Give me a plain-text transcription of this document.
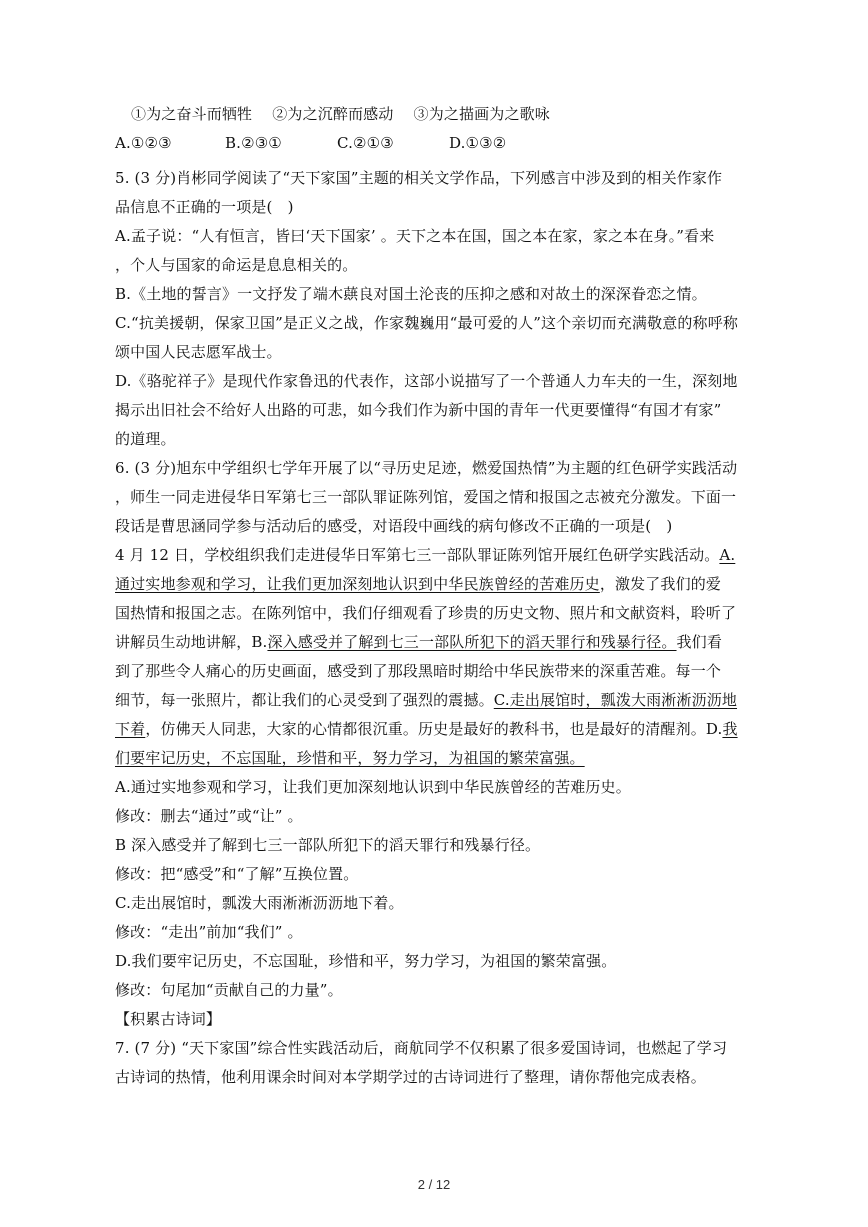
①为之奋斗而牺牲　 ②为之沉醉而感动　 ③为之描画为之歌咏
A.①②③	B.②③①	C.②①③	D.①③②
5. (3 分)肖彬同学阅读了“天下家国”主题的相关文学作品，下列感言中涉及到的相关作家作
品信息不正确的一项是(　)
A.孟子说：“人有恒言，皆曰‘天下国家’ 。天下之本在国，国之本在家，家之本在身。”看来
，个人与国家的命运是息息相关的。
B.《土地的誓言》一文抒发了端木蕻良对国土沦丧的压抑之感和对故土的深深眷恋之情。
C.“抗美援朝，保家卫国”是正义之战，作家魏巍用“最可爱的人”这个亲切而充满敬意的称呼称
颂中国人民志愿军战士。
D.《骆驼祥子》是现代作家鲁迅的代表作，这部小说描写了一个普通人力车夫的一生，深刻地
揭示出旧社会不给好人出路的可悲，如今我们作为新中国的青年一代更要懂得“有国才有家”
的道理。
6. (3 分)旭东中学组织七学年开展了以“寻历史足迹，燃爱国热情”为主题的红色研学实践活动
，师生一同走进侵华日军第七三一部队罪证陈列馆，爱国之情和报国之志被充分激发。下面一
段话是曹思涵同学参与活动后的感受，对语段中画线的病句修改不正确的一项是(　)
4 月 12 日，学校组织我们走进侵华日军第七三一部队罪证陈列馆开展红色研学实践活动。A.
通过实地参观和学习，让我们更加深刻地认识到中华民族曾经的苦难历史，激发了我们的爱
国热情和报国之志。在陈列馆中，我们仔细观看了珍贵的历史文物、照片和文献资料，聆听了
讲解员生动地讲解，B.深入感受并了解到七三一部队所犯下的滔天罪行和残暴行径。我们看
到了那些令人痛心的历史画面，感受到了那段黑暗时期给中华民族带来的深重苦难。每一个
细节，每一张照片，都让我们的心灵受到了强烈的震撼。C.走出展馆时，瓢泼大雨淅淅沥沥地
下着，仿佛天人同悲，大家的心情都很沉重。历史是最好的教科书，也是最好的清醒剂。D.我
们要牢记历史，不忘国耻，珍惜和平，努力学习，为祖国的繁荣富强。
A.通过实地参观和学习，让我们更加深刻地认识到中华民族曾经的苦难历史。
修改：删去“通过”或“让” 。
B 深入感受并了解到七三一部队所犯下的滔天罪行和残暴行径。
修改：把“感受”和“了解”互换位置。
C.走出展馆时，瓢泼大雨淅淅沥沥地下着。
修改：“走出”前加“我们” 。
D.我们要牢记历史，不忘国耻，珍惜和平，努力学习，为祖国的繁荣富强。
修改：句尾加“贡献自己的力量”。
【积累古诗词】
7. (7 分) “天下家国”综合性实践活动后，商航同学不仅积累了很多爱国诗词，也燃起了学习
古诗词的热情，他利用课余时间对本学期学过的古诗词进行了整理，请你帮他完成表格。
2 / 12
